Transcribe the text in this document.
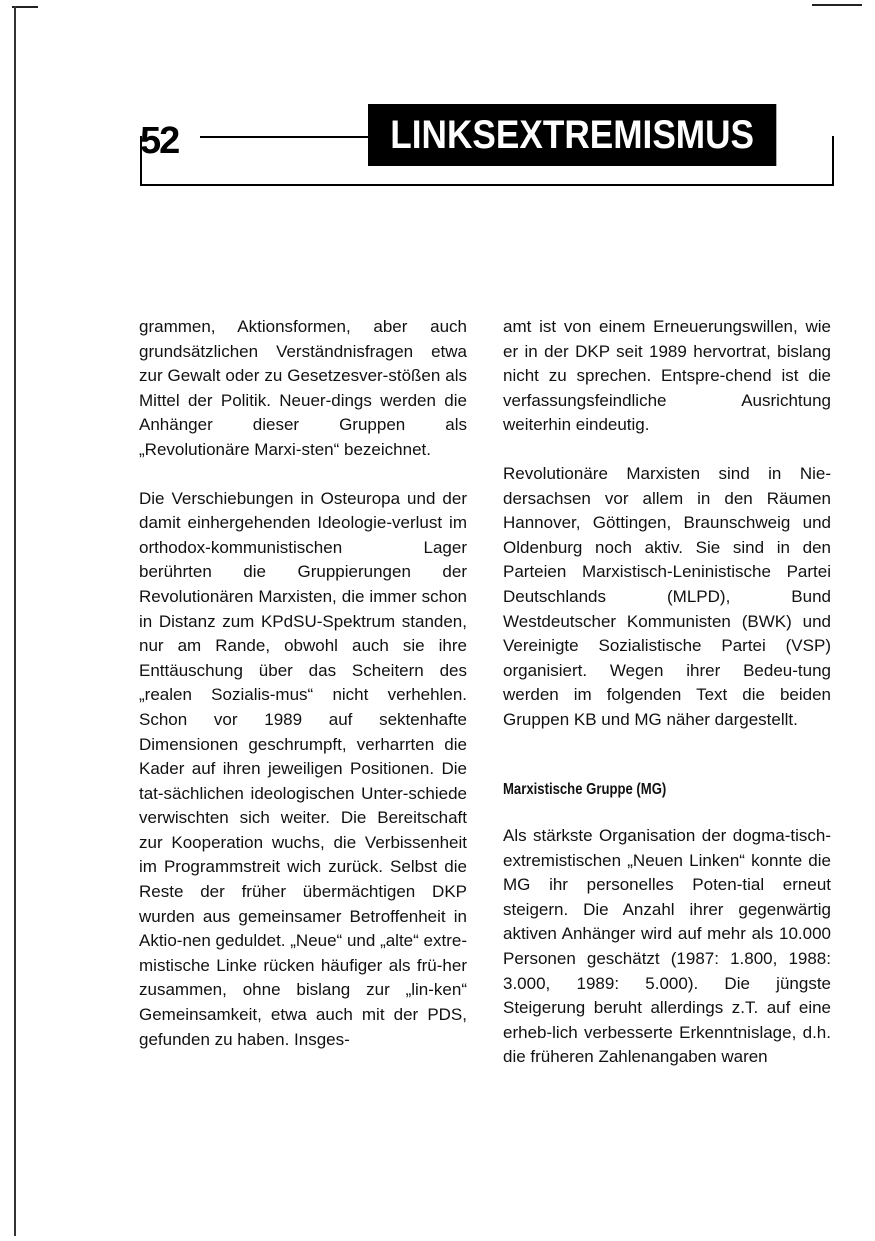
52	LINKSEXTREMISMUS

grammen, Aktionsformen, aber auch grundsätzlichen Verständnisfragen etwa zur Gewalt oder zu Gesetzesver-stößen als Mittel der Politik. Neuer-dings werden die Anhänger dieser Gruppen als „Revolutionäre Marxi-sten“ bezeichnet.

Die Verschiebungen in Osteuropa und der damit einhergehenden Ideologie-verlust im orthodox-kommunistischen Lager berührten die Gruppierungen der Revolutionären Marxisten, die immer schon in Distanz zum KPdSU-Spektrum standen, nur am Rande, obwohl auch sie ihre Enttäuschung über das Scheitern des „realen Sozialis-mus“ nicht verhehlen. Schon vor 1989 auf sektenhafte Dimensionen geschrumpft, verharrten die Kader auf ihren jeweiligen Positionen. Die tat-sächlichen ideologischen Unter-schiede verwischten sich weiter. Die Bereitschaft zur Kooperation wuchs, die Verbissenheit im Programmstreit wich zurück. Selbst die Reste der früher übermächtigen DKP wurden aus gemeinsamer Betroffenheit in Aktio-nen geduldet. „Neue“ und „alte“ extre-mistische Linke rücken häufiger als frü-her zusammen, ohne bislang zur „lin-ken“ Gemeinsamkeit, etwa auch mit der PDS, gefunden zu haben. Insges-

amt ist von einem Erneuerungswillen, wie er in der DKP seit 1989 hervortrat, bislang nicht zu sprechen. Entspre-chend ist die verfassungsfeindliche Ausrichtung weiterhin eindeutig.

Revolutionäre Marxisten sind in Nie-dersachsen vor allem in den Räumen Hannover, Göttingen, Braunschweig und Oldenburg noch aktiv. Sie sind in den Parteien Marxistisch-Leninistische Partei Deutschlands (MLPD), Bund Westdeutscher Kommunisten (BWK) und Vereinigte Sozialistische Partei (VSP) organisiert. Wegen ihrer Bedeu-tung werden im folgenden Text die beiden Gruppen KB und MG näher dargestellt.

Marxistische Gruppe (MG)

Als stärkste Organisation der dogma-tisch-extremistischen „Neuen Linken“ konnte die MG ihr personelles Poten-tial erneut steigern. Die Anzahl ihrer gegenwärtig aktiven Anhänger wird auf mehr als 10.000 Personen geschätzt (1987: 1.800, 1988: 3.000, 1989: 5.000). Die jüngste Steigerung beruht allerdings z.T. auf eine erheb-lich verbesserte Erkenntnislage, d.h. die früheren Zahlenangaben waren
